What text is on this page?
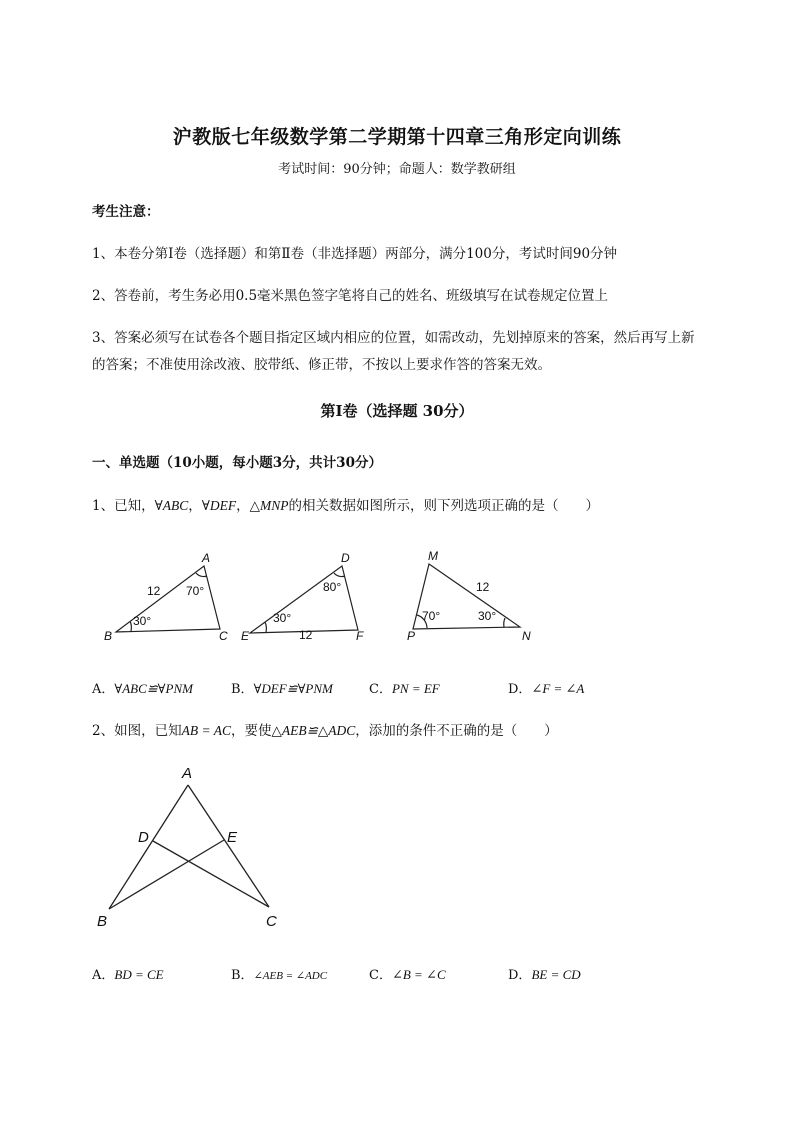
沪教版七年级数学第二学期第十四章三角形定向训练
考试时间：90分钟；命题人：数学教研组
考生注意：
1、本卷分第I卷（选择题）和第Ⅱ卷（非选择题）两部分，满分100分，考试时间90分钟
2、答卷前，考生务必用0.5毫米黑色签字笔将自己的姓名、班级填写在试卷规定位置上
3、答案必须写在试卷各个题目指定区域内相应的位置，如需改动，先划掉原来的答案，然后再写上新
的答案；不准使用涂改液、胶带纸、修正带，不按以上要求作答的答案无效。
第I卷（选择题 30分）
一、单选题（10小题，每小题3分，共计30分）
1、已知，∀ABC，∀DEF，△MNP的相关数据如图所示，则下列选项正确的是（　　）
A
B	C
12 70°
30°
D
E	F
12
80°
30°
M
P	N
12
70°	30°
A．∀ABC≌∀PNM	B．∀DEF≌∀PNM	C．PN = EF	D．∠F = ∠A
2、如图，已知AB = AC，要使△AEB≌△ADC，添加的条件不正确的是（　　）
A
B	C
D	E
A．BD = CE	B．∠AEB = ∠ADC	C．∠B = ∠C	D．BE = CD
